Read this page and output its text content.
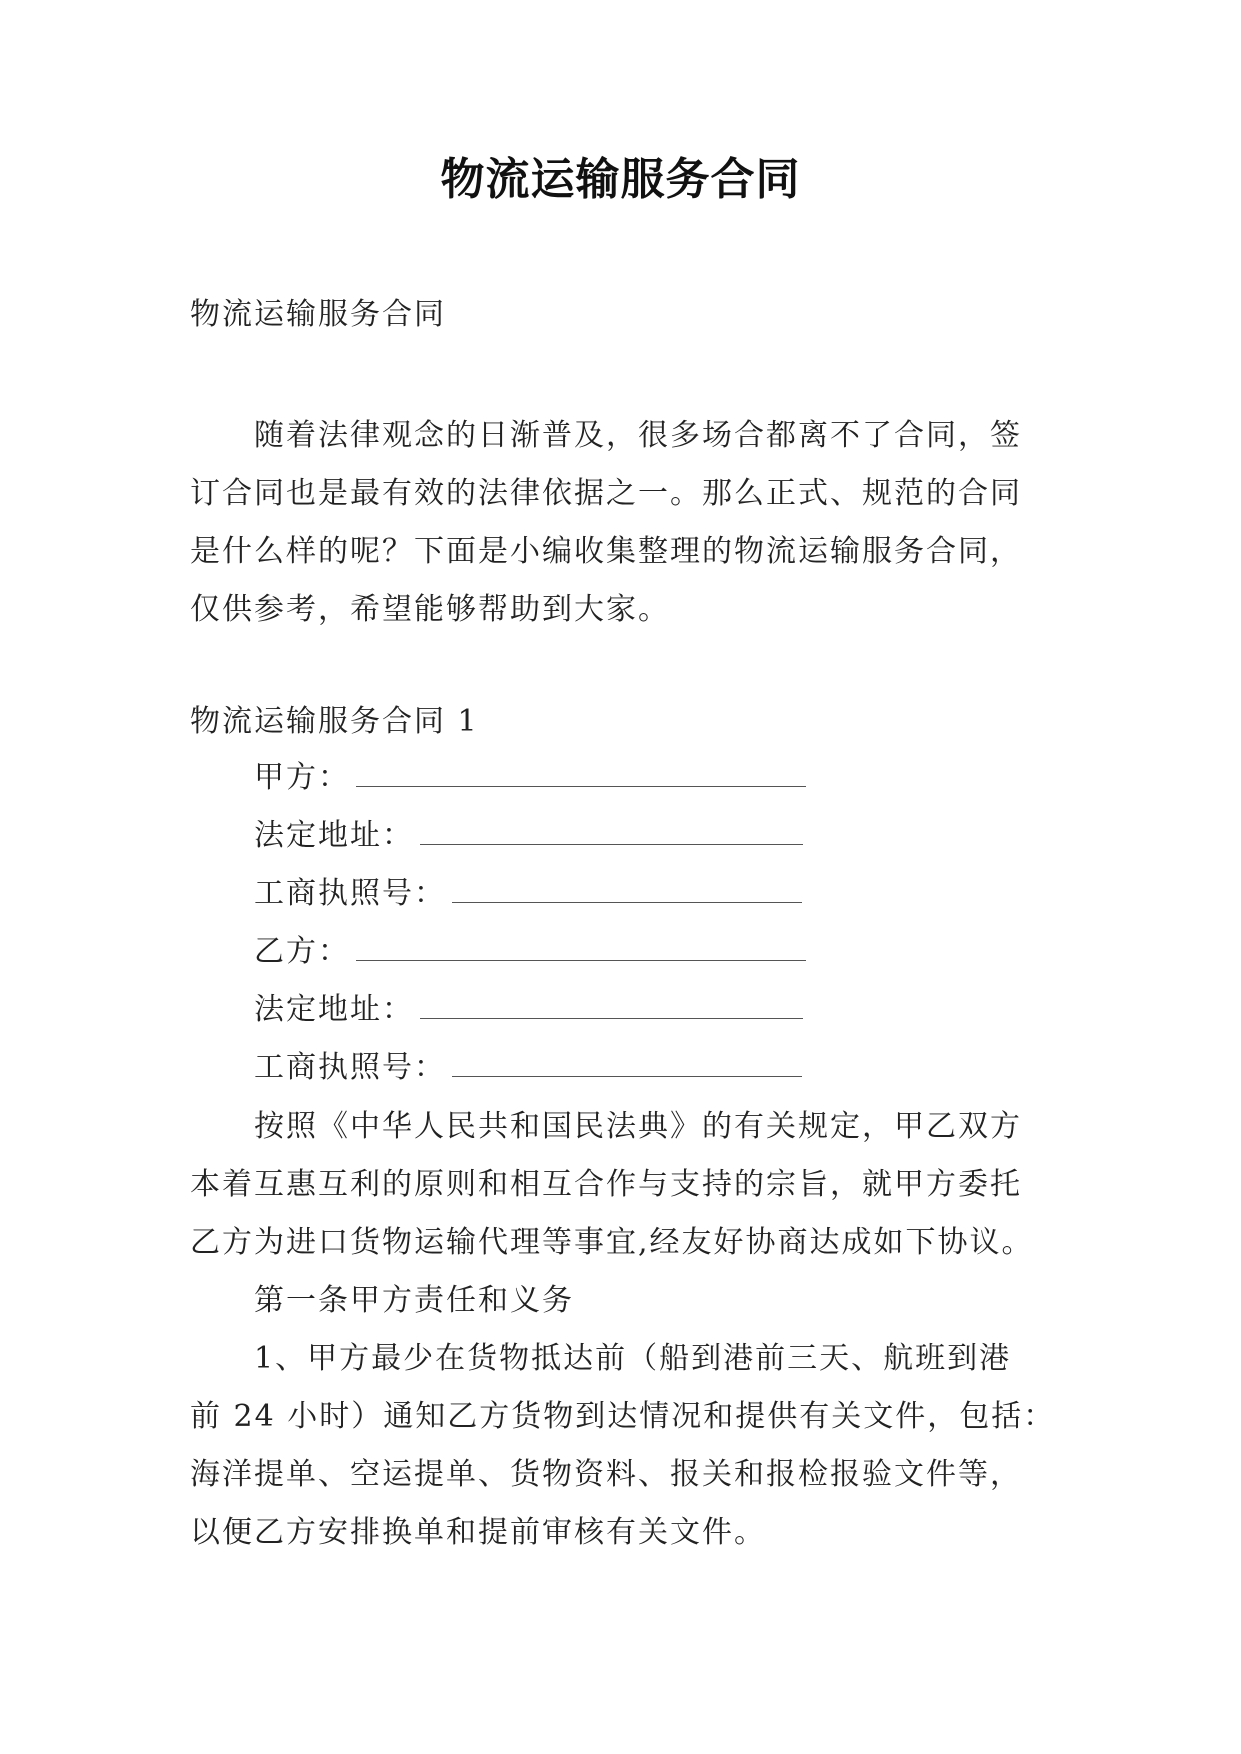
物流运输服务合同
物流运输服务合同
随着法律观念的日渐普及，很多场合都离不了合同，签
订合同也是最有效的法律依据之一。那么正式、规范的合同
是什么样的呢？下面是小编收集整理的物流运输服务合同，
仅供参考，希望能够帮助到大家。
物流运输服务合同 1
甲方：
法定地址：
工商执照号：
乙方：
法定地址：
工商执照号：
按照《中华人民共和国民法典》的有关规定，甲乙双方
本着互惠互利的原则和相互合作与支持的宗旨，就甲方委托
乙方为进口货物运输代理等事宜,经友好协商达成如下协议。
第一条甲方责任和义务
1、甲方最少在货物抵达前（船到港前三天、航班到港
前 24 小时）通知乙方货物到达情况和提供有关文件，包括：
海洋提单、空运提单、货物资料、报关和报检报验文件等，
以便乙方安排换单和提前审核有关文件。
